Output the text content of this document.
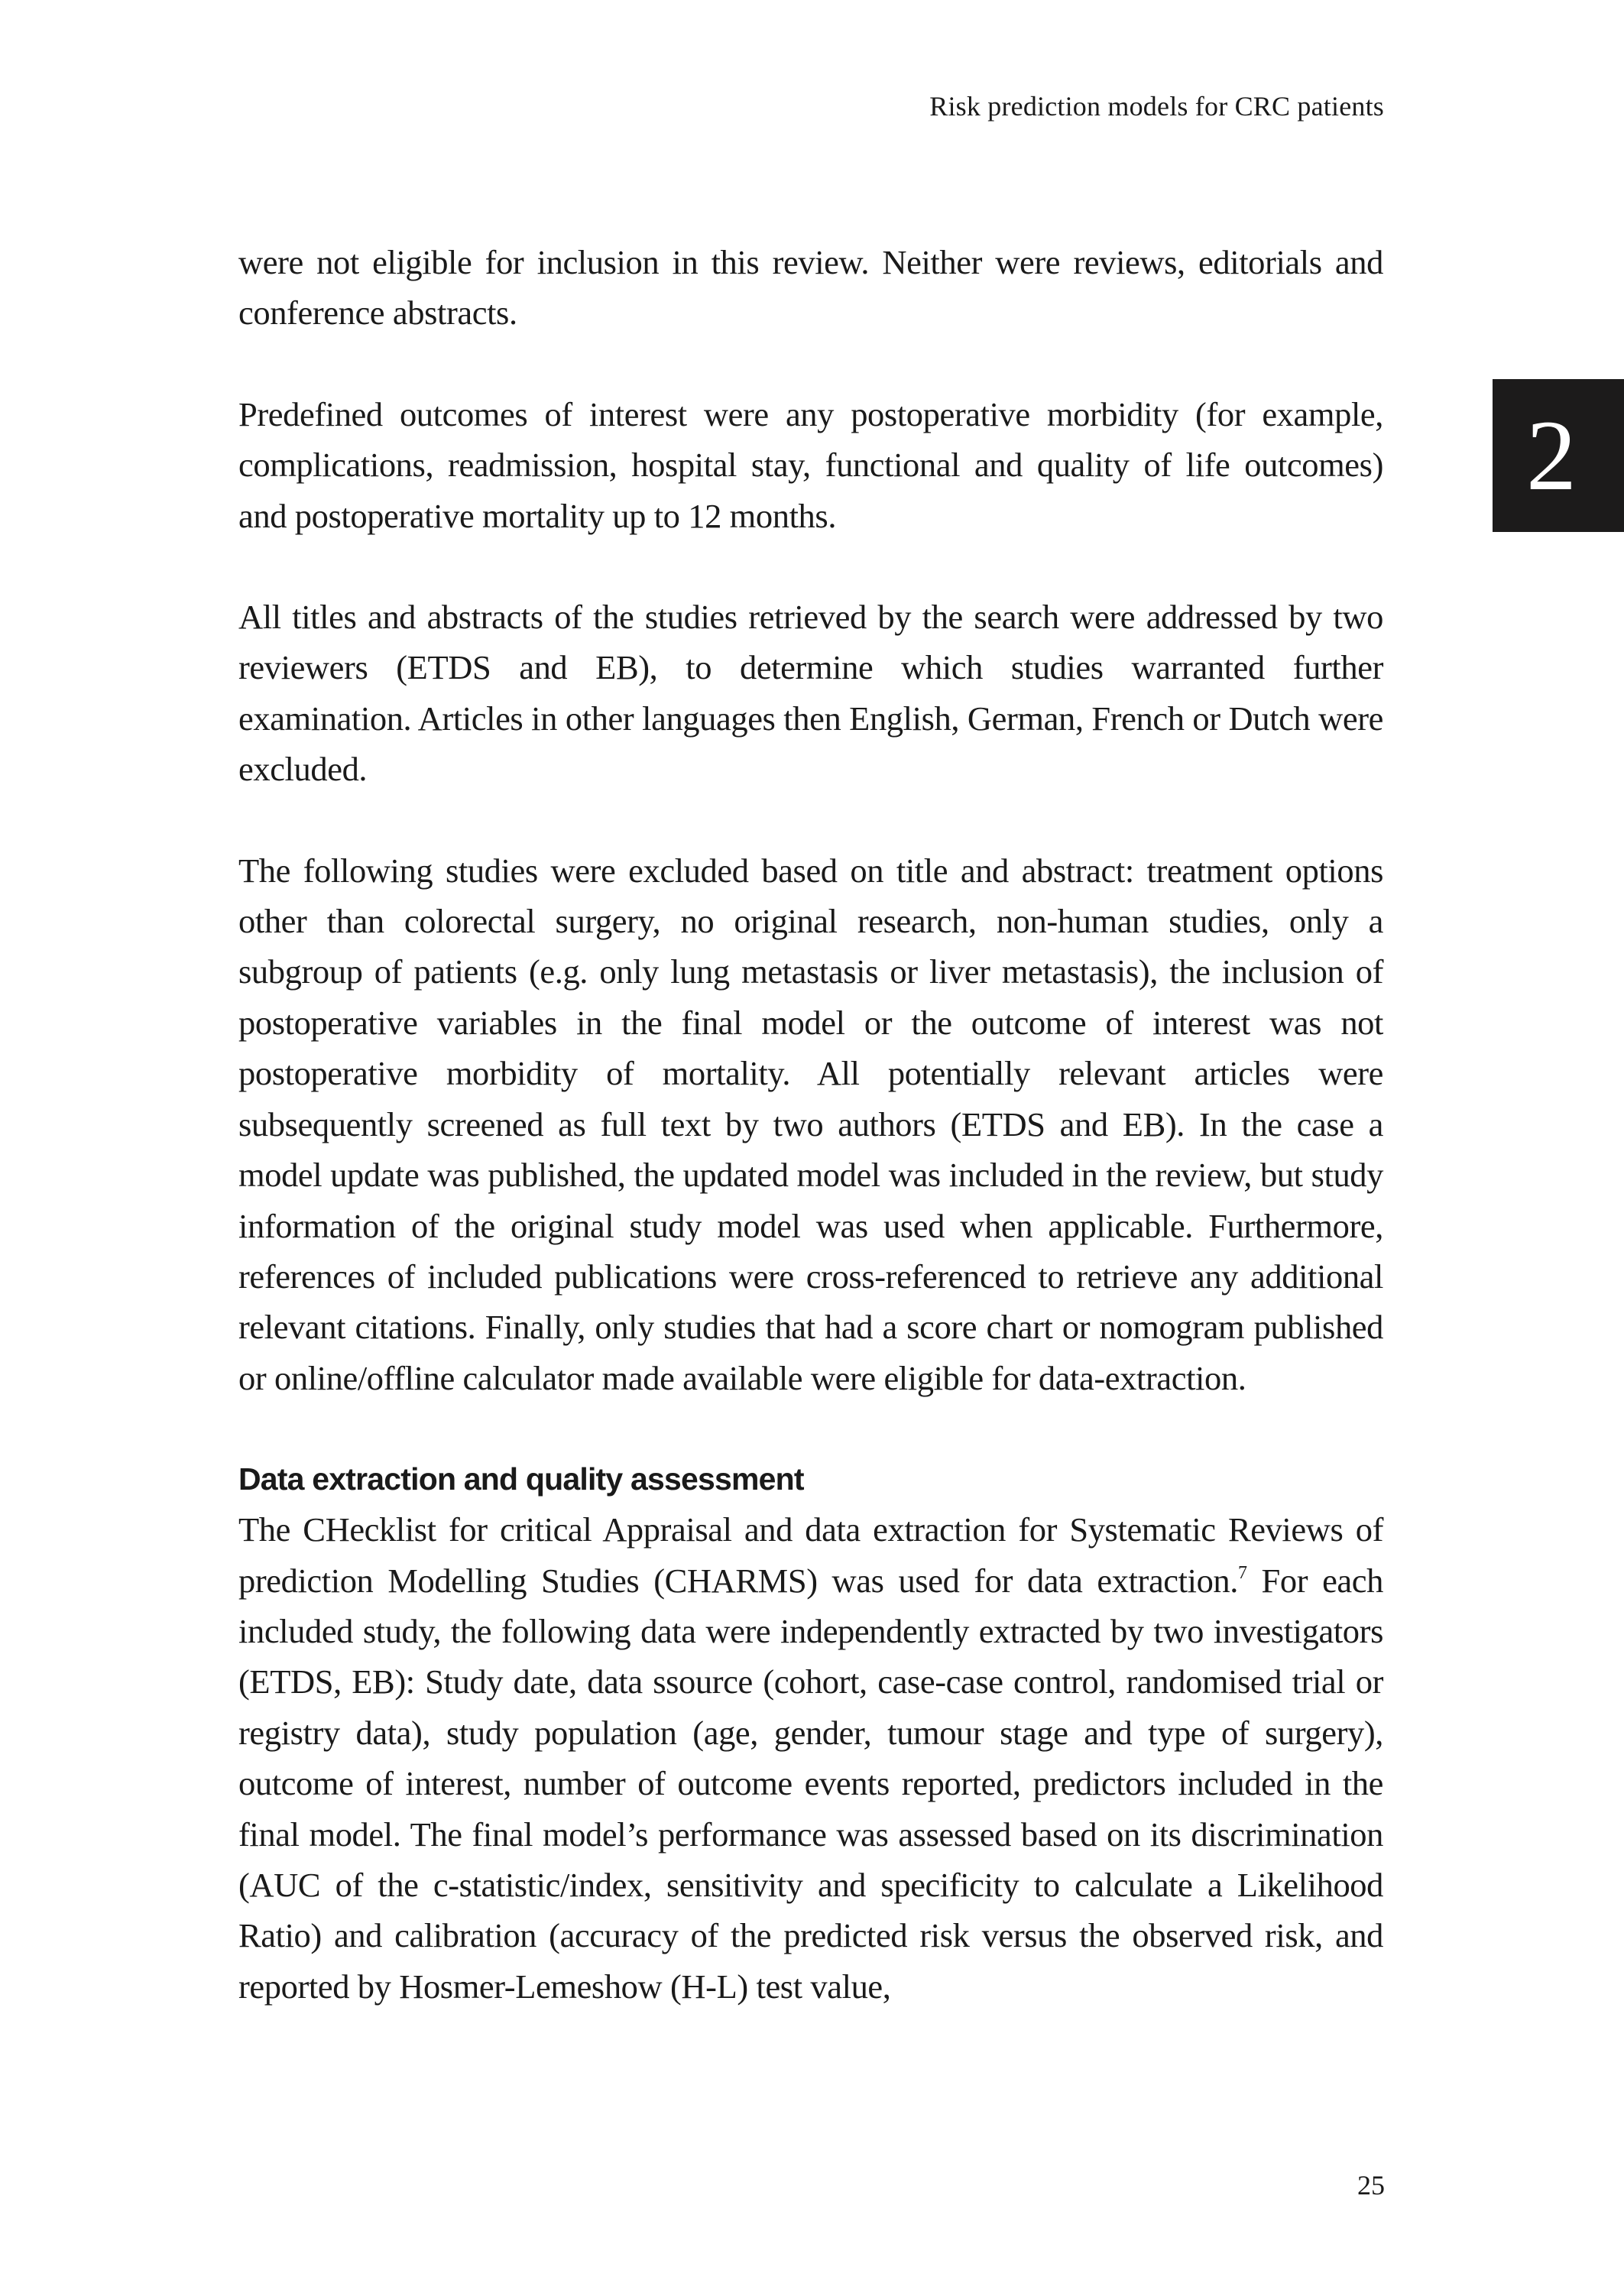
Risk prediction models for CRC patients
2

were not eligible for inclusion in this review. Neither were reviews, editorials and conference abstracts.

Predefined outcomes of interest were any postoperative morbidity (for example, complications, readmission, hospital stay, functional and quality of life outcomes) and postoperative mortality up to 12 months.

All titles and abstracts of the studies retrieved by the search were addressed by two reviewers (ETDS and EB), to determine which studies warranted further examination. Articles in other languages then English, German, French or Dutch were excluded.

The following studies were excluded based on title and abstract: treatment options other than colorectal surgery, no original research, non-human studies, only a subgroup of patients (e.g. only lung metastasis or liver metastasis), the inclusion of postoperative variables in the final model or the outcome of interest was not postoperative morbidity of mortality. All potentially relevant articles were subsequently screened as full text by two authors (ETDS and EB). In the case a model update was published, the updated model was included in the review, but study information of the original study model was used when applicable. Furthermore, references of included publications were cross-referenced to retrieve any additional relevant citations. Finally, only studies that had a score chart or nomogram published or online/offline calculator made available were eligible for data-extraction.

Data extraction and quality assessment

The CHecklist for critical Appraisal and data extraction for Systematic Reviews of prediction Modelling Studies (CHARMS) was used for data extraction.$^7$ For each included study, the following data were independently extracted by two investigators (ETDS, EB): Study date, data ssource (cohort, case-case control, randomised trial or registry data), study population (age, gender, tumour stage and type of surgery), outcome of interest, number of outcome events reported, predictors included in the final model. The final model’s performance was assessed based on its discrimination (AUC of the c-statistic/index, sensitivity and specificity to calculate a Likelihood Ratio) and calibration (accuracy of the predicted risk versus the observed risk, and reported by Hosmer-Lemeshow (H-L) test value,

25
